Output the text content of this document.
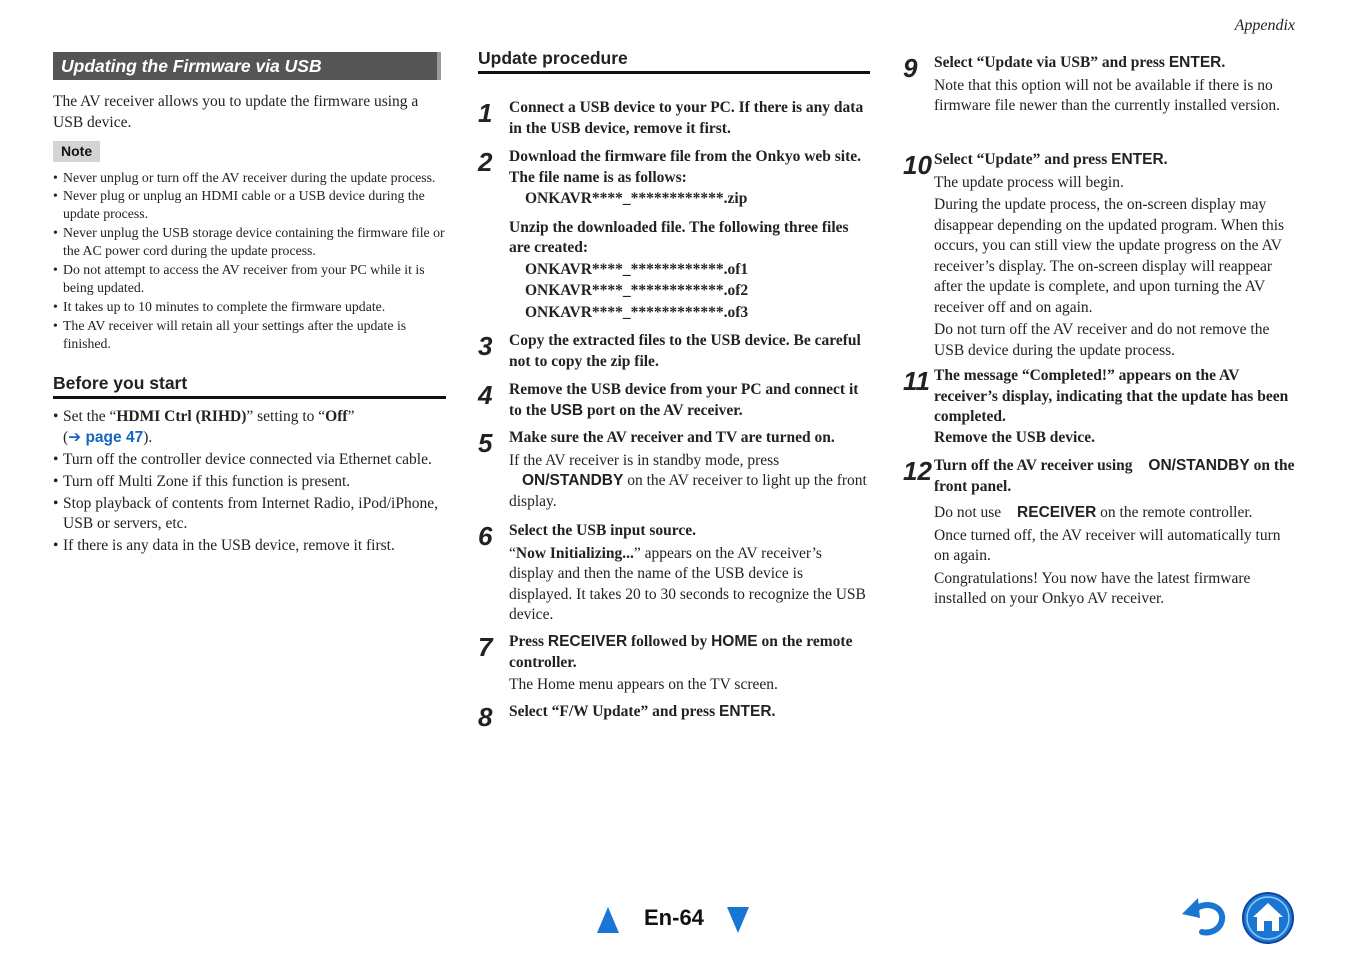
Appendix
Updating the Firmware via USB

The AV receiver allows you to update the firmware using a USB device.

Note
• Never unplug or turn off the AV receiver during the update process.
• Never plug or unplug an HDMI cable or a USB device during the update process.
• Never unplug the USB storage device containing the firmware file or the AC power cord during the update process.
• Do not attempt to access the AV receiver from your PC while it is being updated.
• It takes up to 10 minutes to complete the firmware update.
• The AV receiver will retain all your settings after the update is finished.
Before you start
• Set the “HDMI Ctrl (RIHD)” setting to “Off”
(➔ page 47).
• Turn off the controller device connected via Ethernet cable.
• Turn off Multi Zone if this function is present.
• Stop playback of contents from Internet Radio, iPod/iPhone, USB or servers, etc.
• If there is any data in the USB device, remove it first.
Update procedure
1 Connect a USB device to your PC. If there is any data in the USB device, remove it first.

2 Download the firmware file from the Onkyo web site. The file name is as follows:

ONKAVR****_************.zip

Unzip the downloaded file. The following three files are created:

ONKAVR****_************.of1

ONKAVR****_************.of2

ONKAVR****_************.of3

3 Copy the extracted files to the USB device. Be careful not to copy the zip file.

4 Remove the USB device from your PC and connect it to the USB port on the AV receiver.

5 Make sure the AV receiver and TV are turned on.

If the AV receiver is in standby mode, press
ON/STANDBY on the AV receiver to light up the front display.

6 Select the USB input source.

“Now Initializing...” appears on the AV receiver’s display and then the name of the USB device is displayed. It takes 20 to 30 seconds to recognize the USB device.

7 Press RECEIVER followed by HOME on the remote controller.

The Home menu appears on the TV screen.

8 Select “F/W Update” and press ENTER.

9 Select “Update via USB” and press ENTER.

Note that this option will not be available if there is no firmware file newer than the currently installed version.

10 Select “Update” and press ENTER.

The update process will begin.

During the update process, the on-screen display may disappear depending on the updated program. When this occurs, you can still view the update progress on the AV receiver’s display. The on-screen display will reappear after the update is complete, and upon turning the AV receiver off and on again.

Do not turn off the AV receiver and do not remove the USB device during the update process.

11 The message “Completed!” appears on the AV receiver’s display, indicating that the update has been completed.

Remove the USB device.

12 Turn off the AV receiver using ON/STANDBY on the front panel.

Do not use RECEIVER on the remote controller.

Once turned off, the AV receiver will automatically turn on again.

Congratulations! You now have the latest firmware installed on your Onkyo AV receiver.

En-64
